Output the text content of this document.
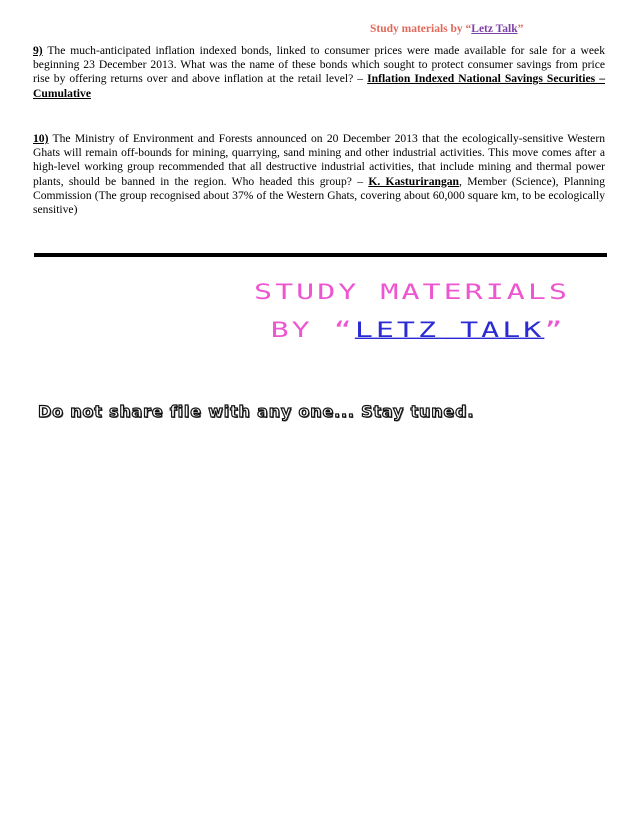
Study materials by “Letz Talk”
9) The much-anticipated inflation indexed bonds, linked to consumer prices were made available for sale for a week beginning 23 December 2013. What was the name of these bonds which sought to protect consumer savings from price rise by offering returns over and above inflation at the retail level? – Inflation Indexed National Savings Securities – Cumulative
10) The Ministry of Environment and Forests announced on 20 December 2013 that the ecologically-sensitive Western Ghats will remain off-bounds for mining, quarrying, sand mining and other industrial activities. This move comes after a high-level working group recommended that all destructive industrial activities, that include mining and thermal power plants, should be banned in the region. Who headed this group? – K. Kasturirangan, Member (Science), Planning Commission (The group recognised about 37% of the Western Ghats, covering about 60,000 square km, to be ecologically sensitive)
STUDY MATERIALS
BY “LETZ TALK”
Do not share file with any one... Stay tuned.
